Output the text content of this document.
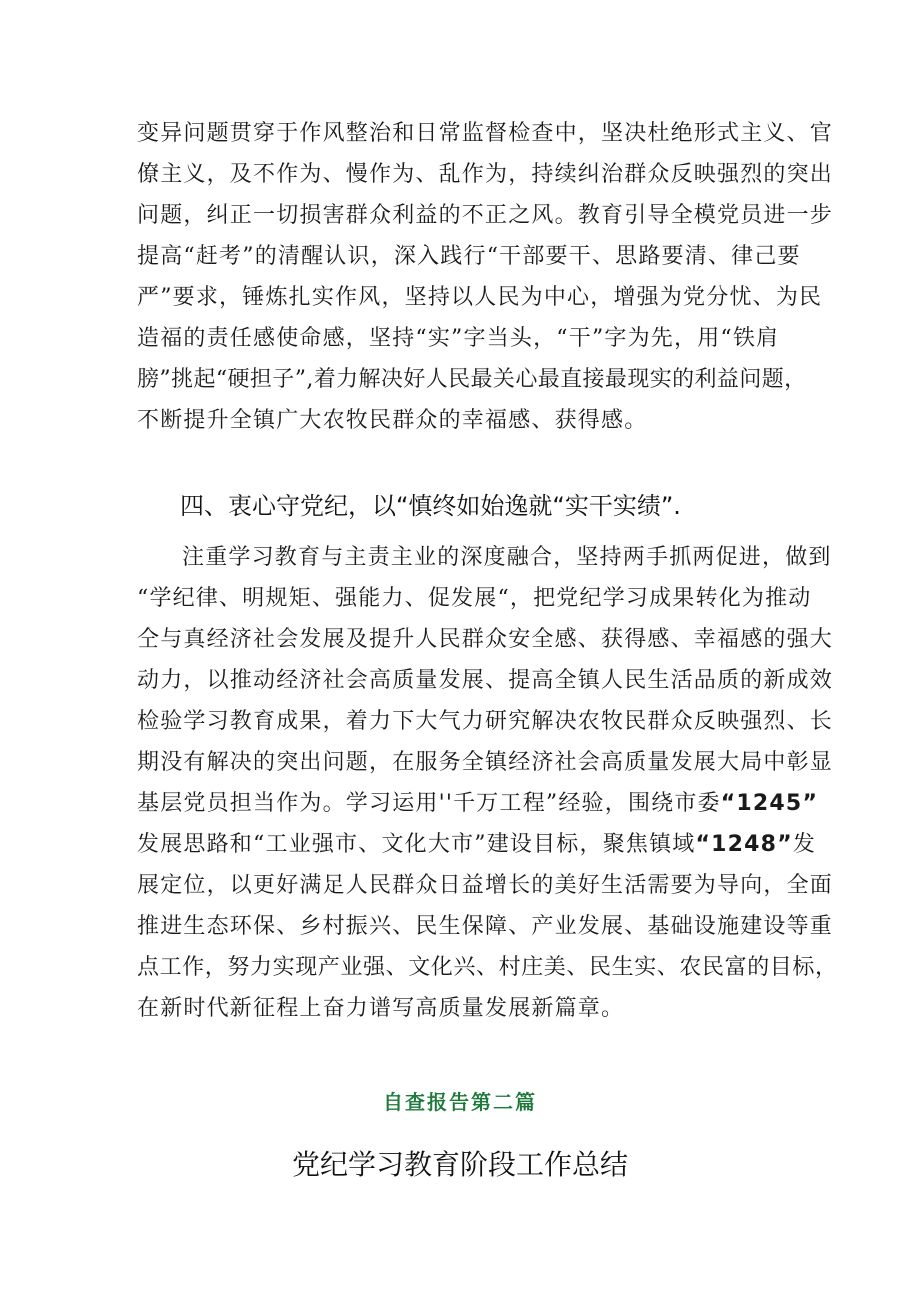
变异问题贯穿于作风整治和日常监督检查中，坚决杜绝形式主义、官
僚主义，及不作为、慢作为、乱作为，持续纠治群众反映强烈的突出
问题，纠正一切损害群众利益的不正之风。教育引导全模党员进一步
提高“赶考”的清醒认识，深入践行“干部要干、思路要清、律己要
严”要求，锤炼扎实作风，坚持以人民为中心，增强为党分忧、为民
造福的责任感使命感，坚持“实”字当头，“干”字为先，用“铁肩
膀”挑起“硬担子”,着力解决好人民最关心最直接最现实的利益问题，
不断提升全镇广大农牧民群众的幸福感、获得感。
四、衷心守党纪，以“慎终如始逸就“实干实绩”.
注重学习教育与主责主业的深度融合，坚持两手抓两促进，做到
“学纪律、明规矩、强能力、促发展“，把党纪学习成果转化为推动
仝与真经济社会发展及提升人民群众安全感、获得感、幸福感的强大
动力，以推动经济社会高质量发展、提高全镇人民生活品质的新成效
检验学习教育成果，着力下大气力研究解决农牧民群众反映强烈、长
期没有解决的突出问题，在服务全镇经济社会高质量发展大局中彰显
基层党员担当作为。学习运用''千万工程”经验，围绕市委“1245”
发展思路和“工业强市、文化大市”建设目标，聚焦镇域“1248”发
展定位，以更好满足人民群众日益增长的美好生活需要为导向，全面
推进生态环保、乡村振兴、民生保障、产业发展、基础设施建设等重
点工作，努力实现产业强、文化兴、村庄美、民生实、农民富的目标，
在新时代新征程上奋力谱写高质量发展新篇章。
自查报告第二篇
党纪学习教育阶段工作总结
